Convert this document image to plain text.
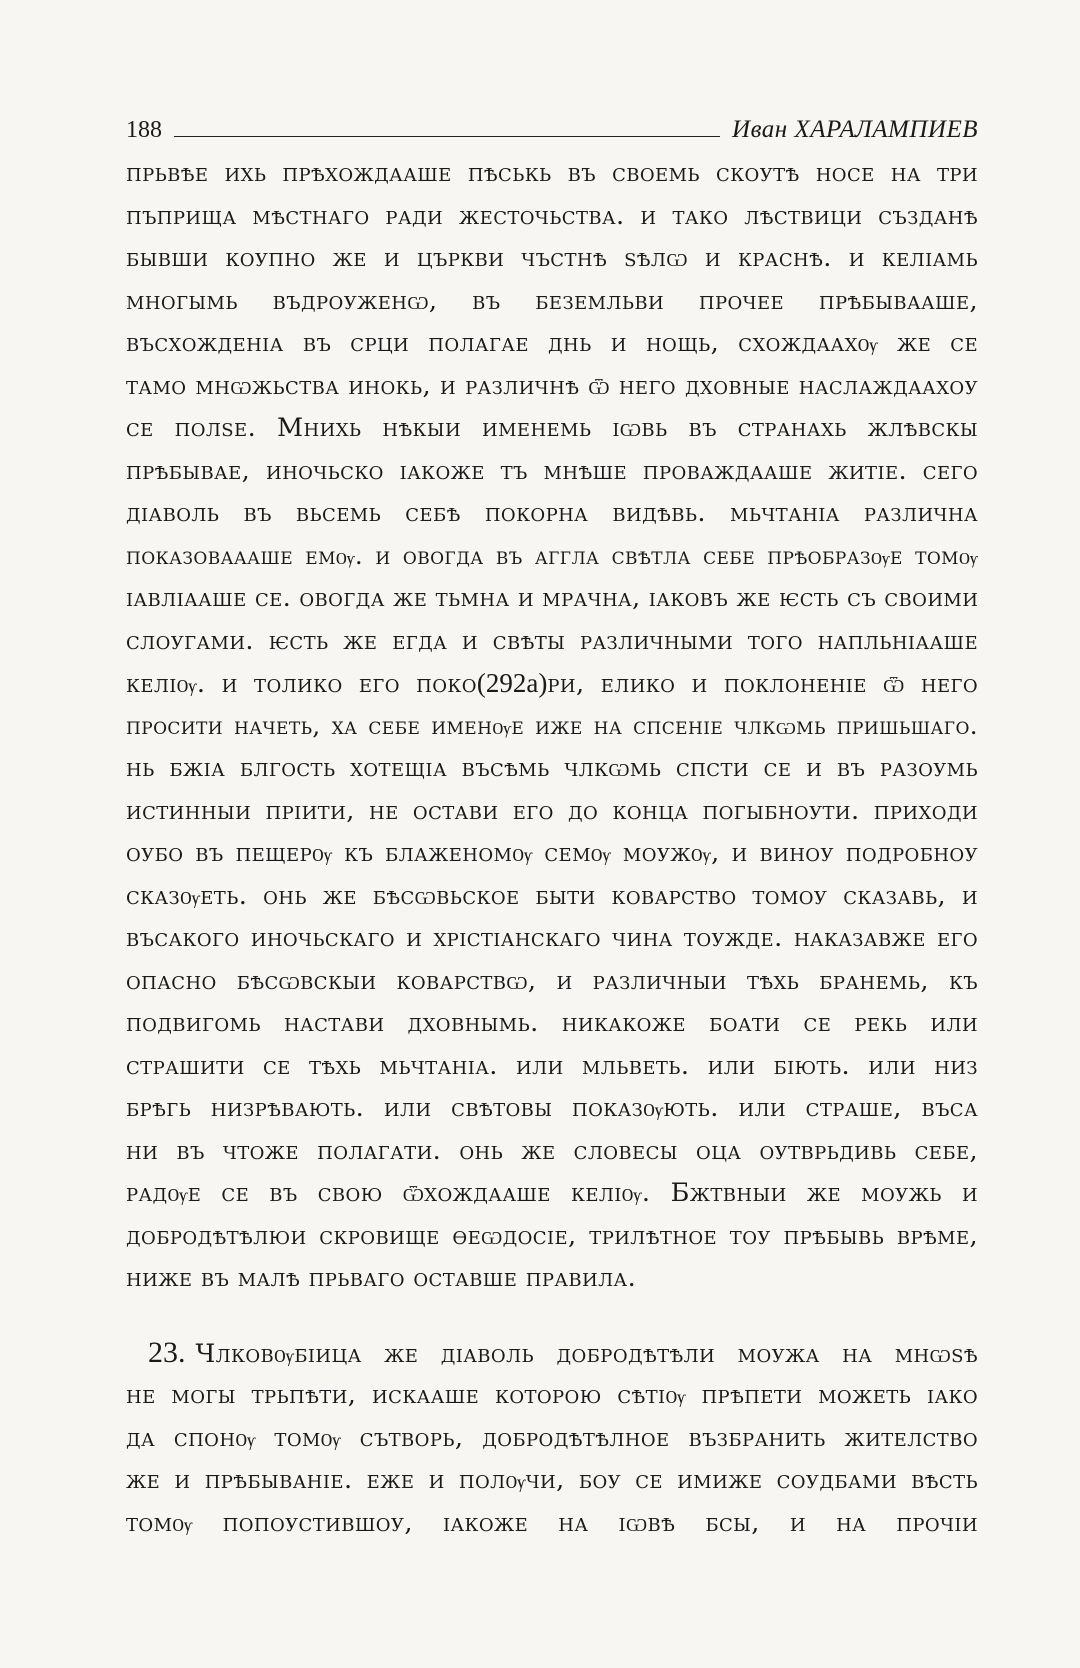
188	Иван ХАРАЛАМПИЕВ
прьвѣе ихь прѣхождааше пѣськь въ своемь скоутѣ носе на три
пъприща мѣстнаго ради жесточьства. и тако лѣствици създанѣ
бывши коупно же и църкви чъстнѣ ѕѣлѡ и краснѣ. и келіамь
многымь въдроуженѡ, въ беземльви прочее прѣбывааше,
въсхожденіа въ срци полагае днь и нощь, схождаахѹ же се
тамо мнѡжьства инокь, и различнѣ ѿ него дховные наслаждаахоу
се полѕе. Мнихь нѣкыи именемь ıѡвь въ странахь жлѣвскы
прѣбывае, иночьско ıакоже тъ мнѣше проваждааше житіе. сего
діаволь въ вьсемь себѣ покорна видѣвь. мьчтаніа различна
показоваааше емѹ. и овогда въ аггла свѣтла себе прѣобразѹе томѹ
ıавлıааше се. овогда же тьмна и мрачна, ıаковъ же ѥсть съ своими
слоугами. ѥсть же егда и свѣты различными того напльнıааше
келіѹ. и толико его поко(292а)ри, елико и поклоненіе ѿ него
просити начеть, ха себе именѹе иже на спсеніе члкѡмь пришьшаго.
нь бжіа блгость хотещіа въсѣмь члкѡмь спсти се и въ разоумь
истинныи пріити, не остави его до конца погыбноути. приходи
оубо въ пещерѹ къ блаженомѹ семѹ моужѹ, и виноу подробноу
сказѹеть. онь же бѣсѡвьское быти коварство томоу сказавь, и
въсакого иночьскаго и хрістіанскаго чина тоужде. наказавже его
опасно бѣсѡвскыи коварствѡ, и различныи тѣхь бранемь, къ
подвигомь настави дховнымь. никакоже боати се рекь или
страшити се тѣхь мьчтаніа. или мльветь. или біють. или низ
брѣгь низрѣвають. или свѣтовы показѹють. или страше, въса
ни въ чтоже полагати. онь же словесы оца оутврьдивь себе,
радѹе се въ свою ѿхождааше келіѹ. Бжтвныи же моужь и
добродѣтѣлюи скровище ѳеѡдосіе, трилѣтное тоу прѣбывь врѣме,
ниже въ малѣ прьваго оставше правила.
23. Члковѹбіица же діаволь добродѣтѣли моужа на мнѡѕѣ
не могы трьпѣти, искааше которою сѣтіѹ прѣпети можеть ıако
да спонѹ томѹ сътворь, добродѣтѣлное възбранить жителство
же и прѣбываніе. еже и полѹчи, боу се имиже соудбами вѣсть
томѹ попоустившоу, ıакоже на ıѡвѣ бсы, и на прочіи
